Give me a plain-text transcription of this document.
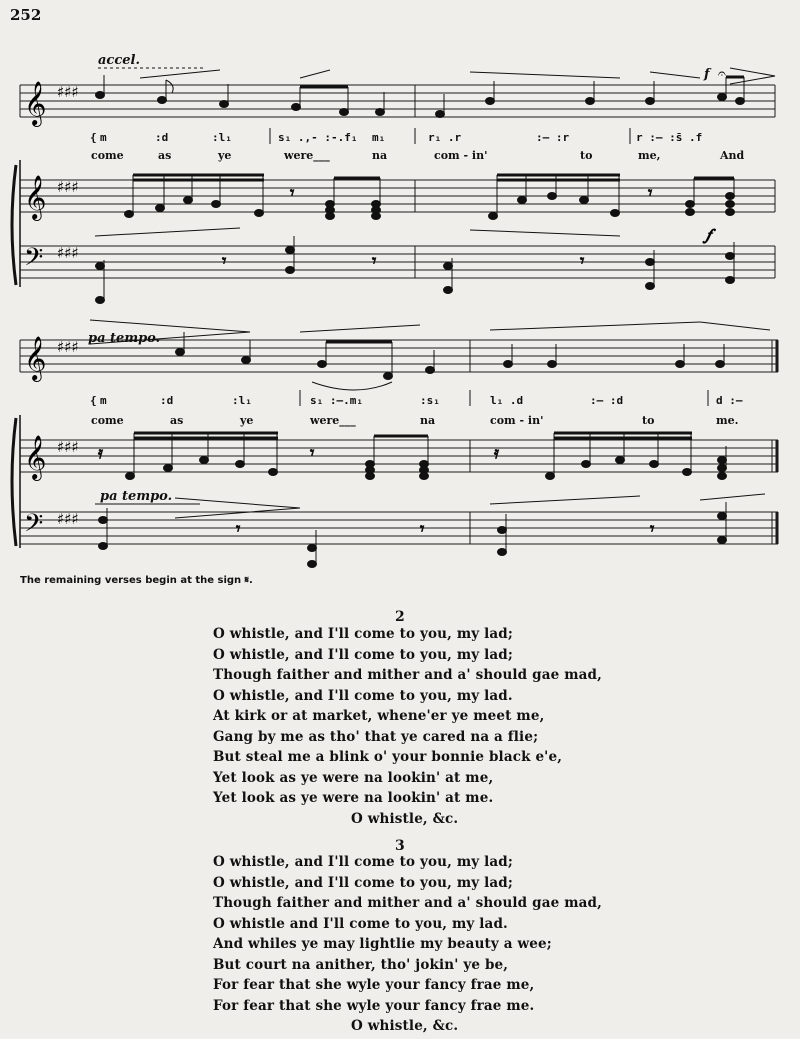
252
𝄞 ♯♯♯
accel.
f 𝄐
{ m	:d	:l₁	s₁ .,- :-.f₁ m₁	r₁ .r	:— :r	r :— :s̄ .f
come	as	ye	were___	na	com - in'	to	me,	And
𝄞 ♯♯♯	𝄾	𝄾
𝄢 ♯♯♯	𝄾	𝄾	𝄾
𝆑
𝄞 ♯♯♯ pa tempo.
{ m	:d	:l₁	s₁ :—.m₁	:s₁	l₁ .d	:— :d	d :—
come	as	ye	were___	na	com - in'	to	me.
𝄞 ♯♯♯ 𝄿	𝄾	𝄿
𝄢 ♯♯♯
pa tempo.
𝄾	𝄾	𝄾
The remaining verses begin at the sign 𝄋.
2
O whistle, and I'll come to you, my lad;
O whistle, and I'll come to you, my lad;
Though faither and mither and a' should gae mad,
O whistle, and I'll come to you, my lad.
At kirk or at market, whene'er ye meet me,
Gang by me as tho' that ye cared na a flie;
But steal me a blink o' your bonnie black e'e,
Yet look as ye were na lookin' at me,
Yet look as ye were na lookin' at me.
O whistle, &c.
3
O whistle, and I'll come to you, my lad;
O whistle, and I'll come to you, my lad;
Though faither and mither and a' should gae mad,
O whistle and I'll come to you, my lad.
And whiles ye may lightlie my beauty a wee;
But court na anither, tho' jokin' ye be,
For fear that she wyle your fancy frae me,
For fear that she wyle your fancy frae me.
O whistle, &c.
